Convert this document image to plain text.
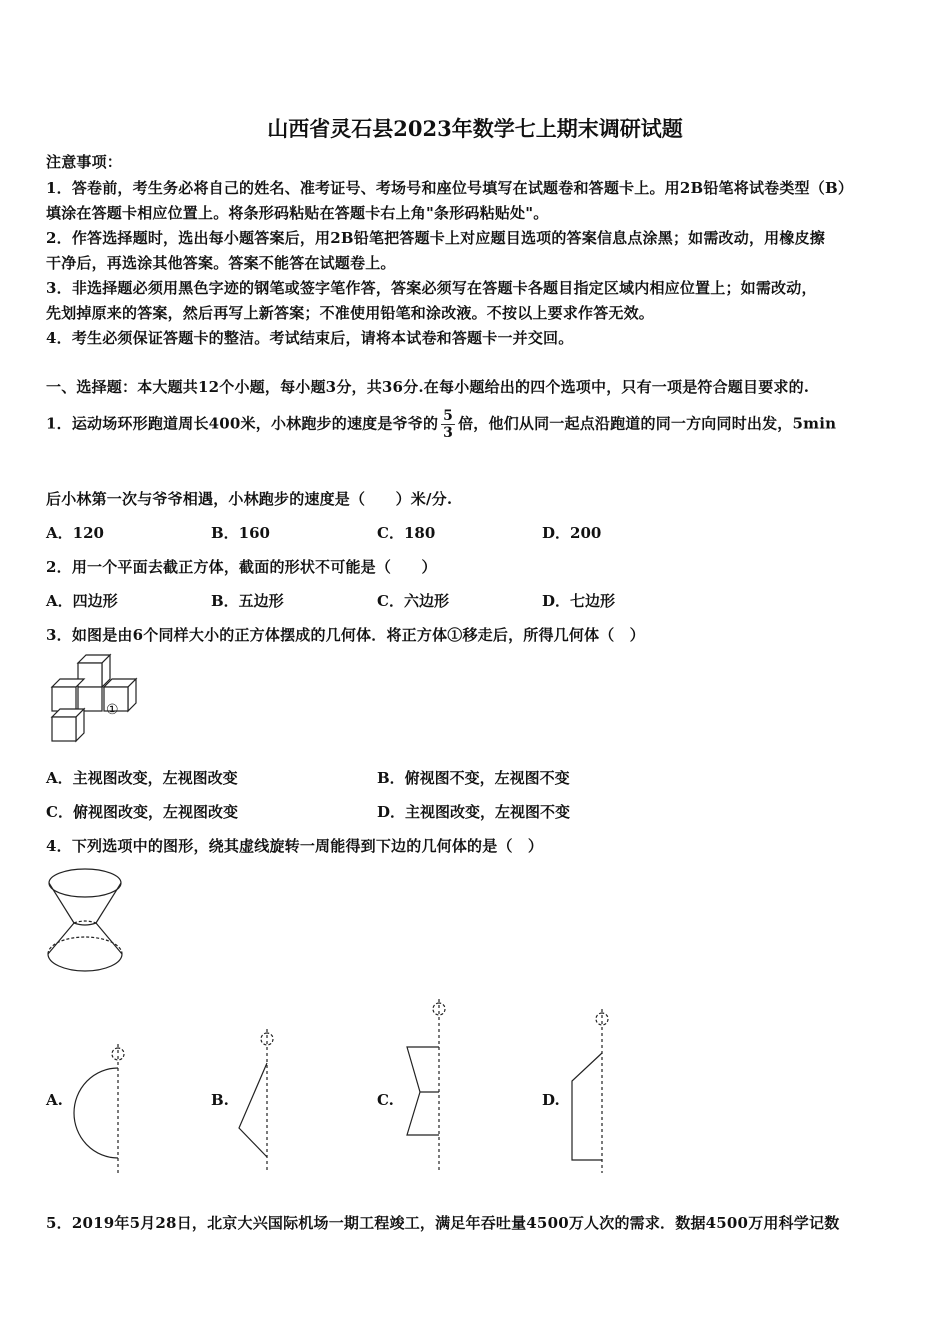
山西省灵石县2023年数学七上期末调研试题
注意事项：
1．答卷前，考生务必将自己的姓名、准考证号、考场号和座位号填写在试题卷和答题卡上。用2B铅笔将试卷类型（B）
填涂在答题卡相应位置上。将条形码粘贴在答题卡右上角"条形码粘贴处"。
2．作答选择题时，选出每小题答案后，用2B铅笔把答题卡上对应题目选项的答案信息点涂黑；如需改动，用橡皮擦
干净后，再选涂其他答案。答案不能答在试题卷上。
3．非选择题必须用黑色字迹的钢笔或签字笔作答，答案必须写在答题卡各题目指定区域内相应位置上；如需改动，
先划掉原来的答案，然后再写上新答案；不准使用铅笔和涂改液。不按以上要求作答无效。
4．考生必须保证答题卡的整洁。考试结束后，请将本试卷和答题卡一并交回。
一、选择题：本大题共12个小题，每小题3分，共36分.在每小题给出的四个选项中，只有一项是符合题目要求的.
1．运动场环形跑道周长400米，小林跑步的速度是爷爷的 $\frac{5}{3}$ 倍，他们从同一起点沿跑道的同一方向同时出发，5min
后小林第一次与爷爷相遇，小林跑步的速度是（　　）米/分.
A．120	B．160	C．180	D．200
2．用一个平面去截正方体，截面的形状不可能是（　　）
A．四边形	B．五边形	C．六边形	D．七边形
3．如图是由6个同样大小的正方体摆成的几何体．将正方体①移走后，所得几何体（　）
①
A．主视图改变，左视图改变	B．俯视图不变，左视图不变
C．俯视图改变，左视图改变	D．主视图改变，左视图不变
4．下列选项中的图形，绕其虚线旋转一周能得到下边的几何体的是（　）
A.	B.	C.	D.
5．2019年5月28日，北京大兴国际机场一期工程竣工，满足年吞吐量4500万人次的需求．数据4500万用科学记数
